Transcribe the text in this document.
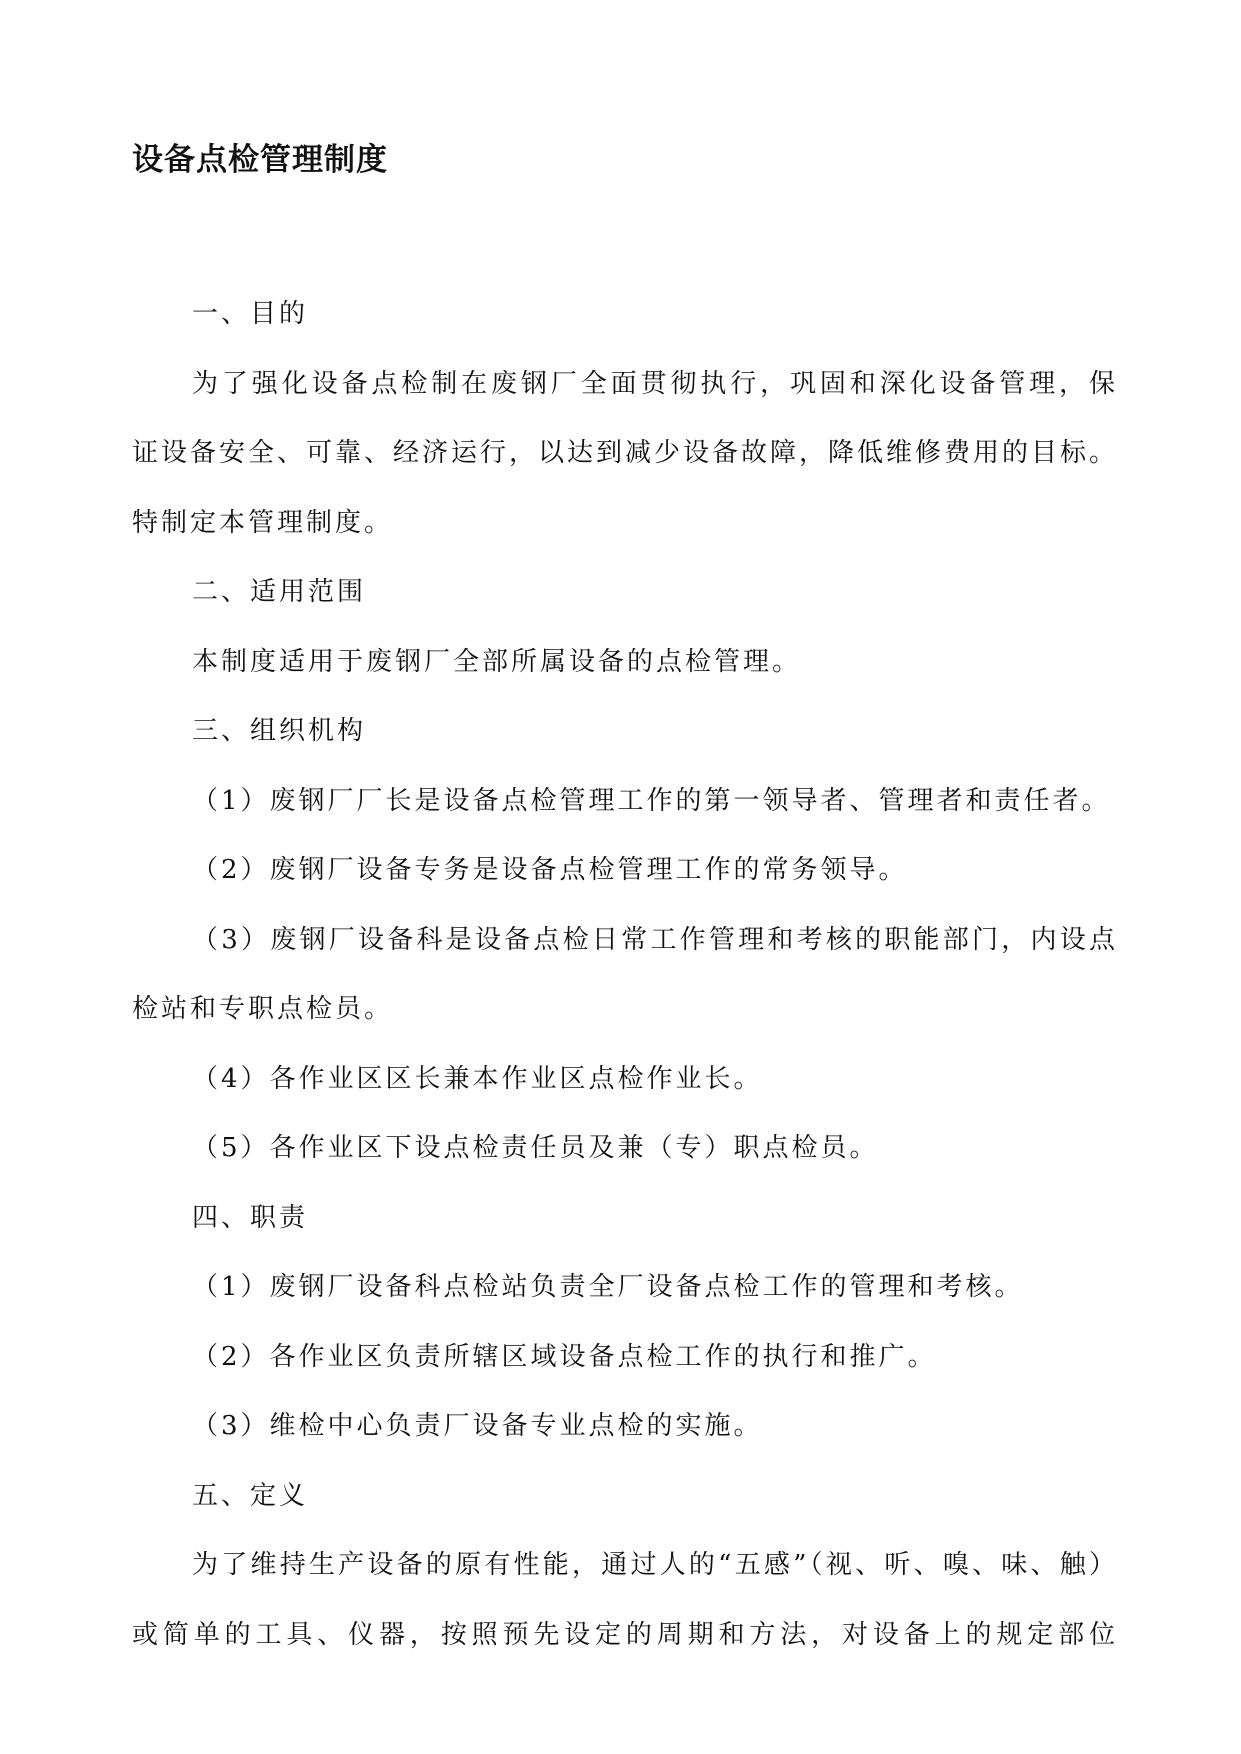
设备点检管理制度
一、目的
为了强化设备点检制在废钢厂全面贯彻执行，巩固和深化设备管理，保
证设备安全、可靠、经济运行，以达到减少设备故障，降低维修费用的目标。
特制定本管理制度。
二、适用范围
本制度适用于废钢厂全部所属设备的点检管理。
三、组织机构
（1）废钢厂厂长是设备点检管理工作的第一领导者、管理者和责任者。
（2）废钢厂设备专务是设备点检管理工作的常务领导。
（3）废钢厂设备科是设备点检日常工作管理和考核的职能部门，内设点
检站和专职点检员。
（4）各作业区区长兼本作业区点检作业长。
（5）各作业区下设点检责任员及兼（专）职点检员。
四、职责
（1）废钢厂设备科点检站负责全厂设备点检工作的管理和考核。
（2）各作业区负责所辖区域设备点检工作的执行和推广。
（3）维检中心负责厂设备专业点检的实施。
五、定义
为了维持生产设备的原有性能，通过人的“五感”（视、听、嗅、味、触）
或简单的工具、仪器，按照预先设定的周期和方法，对设备上的规定部位
